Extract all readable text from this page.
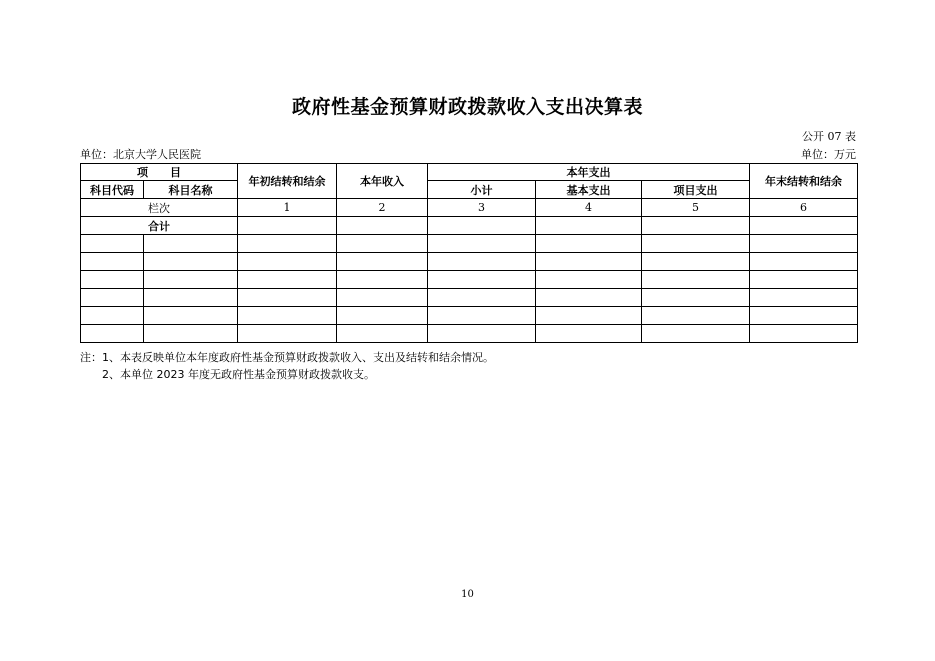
政府性基金预算财政拨款收入支出决算表
公开 07 表
单位：北京大学人民医院	单位：万元
项　　目		年初结转和结余	本年收入	本年支出			年末结转和结余
科目代码	科目名称			小计	基本支出	项目支出	
栏次		1	2	3	4	5	6
合计							

注：1、本表反映单位本年度政府性基金预算财政拨款收入、支出及结转和结余情况。
2、本单位 2023 年度无政府性基金预算财政拨款收支。
10
